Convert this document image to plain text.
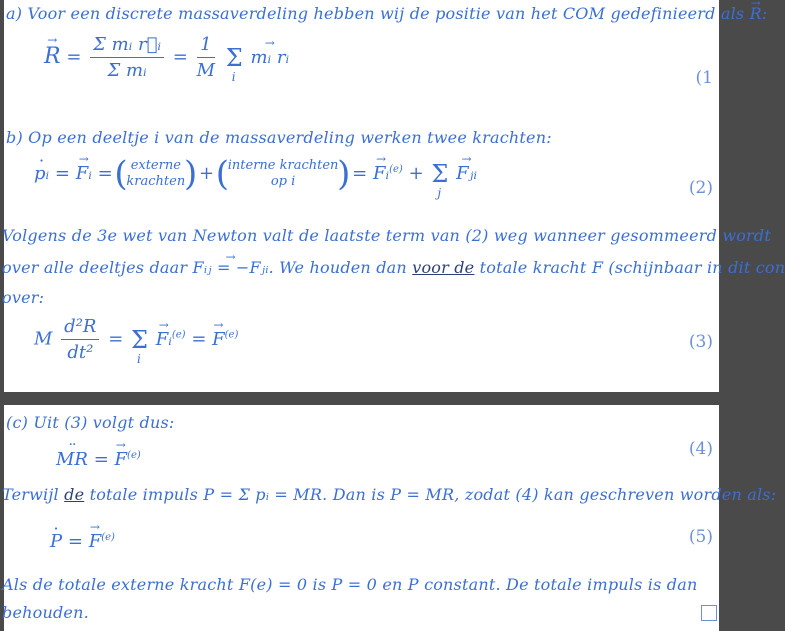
a) Voor een discrete massaverdeling hebben wij de positie van het COM gedefinieerd als → R:
→ $R = \frac{\text{Σ mᵢ r⃗ᵢ}}{\text{Σ mᵢ}} = \frac{1}{M}$ Σ
i
→ mᵢ rᵢ
(1
b) Op een deeltje i van de massaverdeling werken twee krachten:
· pᵢ = → Fᵢ =	( externe
krachten
) + ( interne krachten
op i
)	= → Fᵢ$^{(e)}$ + Σ
j
→ Fⱼᵢ
(2)
Volgens de 3e wet van Newton valt de laatste term van (2) weg wanneer gesommeerd wordt
over alle deeltjes daar → Fᵢⱼ = −Fⱼᵢ. We houden dan voor de totale kracht F (schijnbaar in dit con
over:
M $\frac{\text{d²R}}{\text{dt²}} = \Sigma$
i
→ Fᵢ$^{(e)}$ = → $F^{(e)}$	(3)
(c) Uit (3) volgt dus:
·· MR = → $F^{(e)}$	(4)
Terwijl de totale impuls P = Σ pᵢ = MR. Dan is P = MR, zodat (4) kan geschreven worden als:
· P = → $F^{(e)}$	(5)
Als de totale externe kracht F(e) = 0 is P = 0 en P constant. De totale impuls is dan
behouden.
